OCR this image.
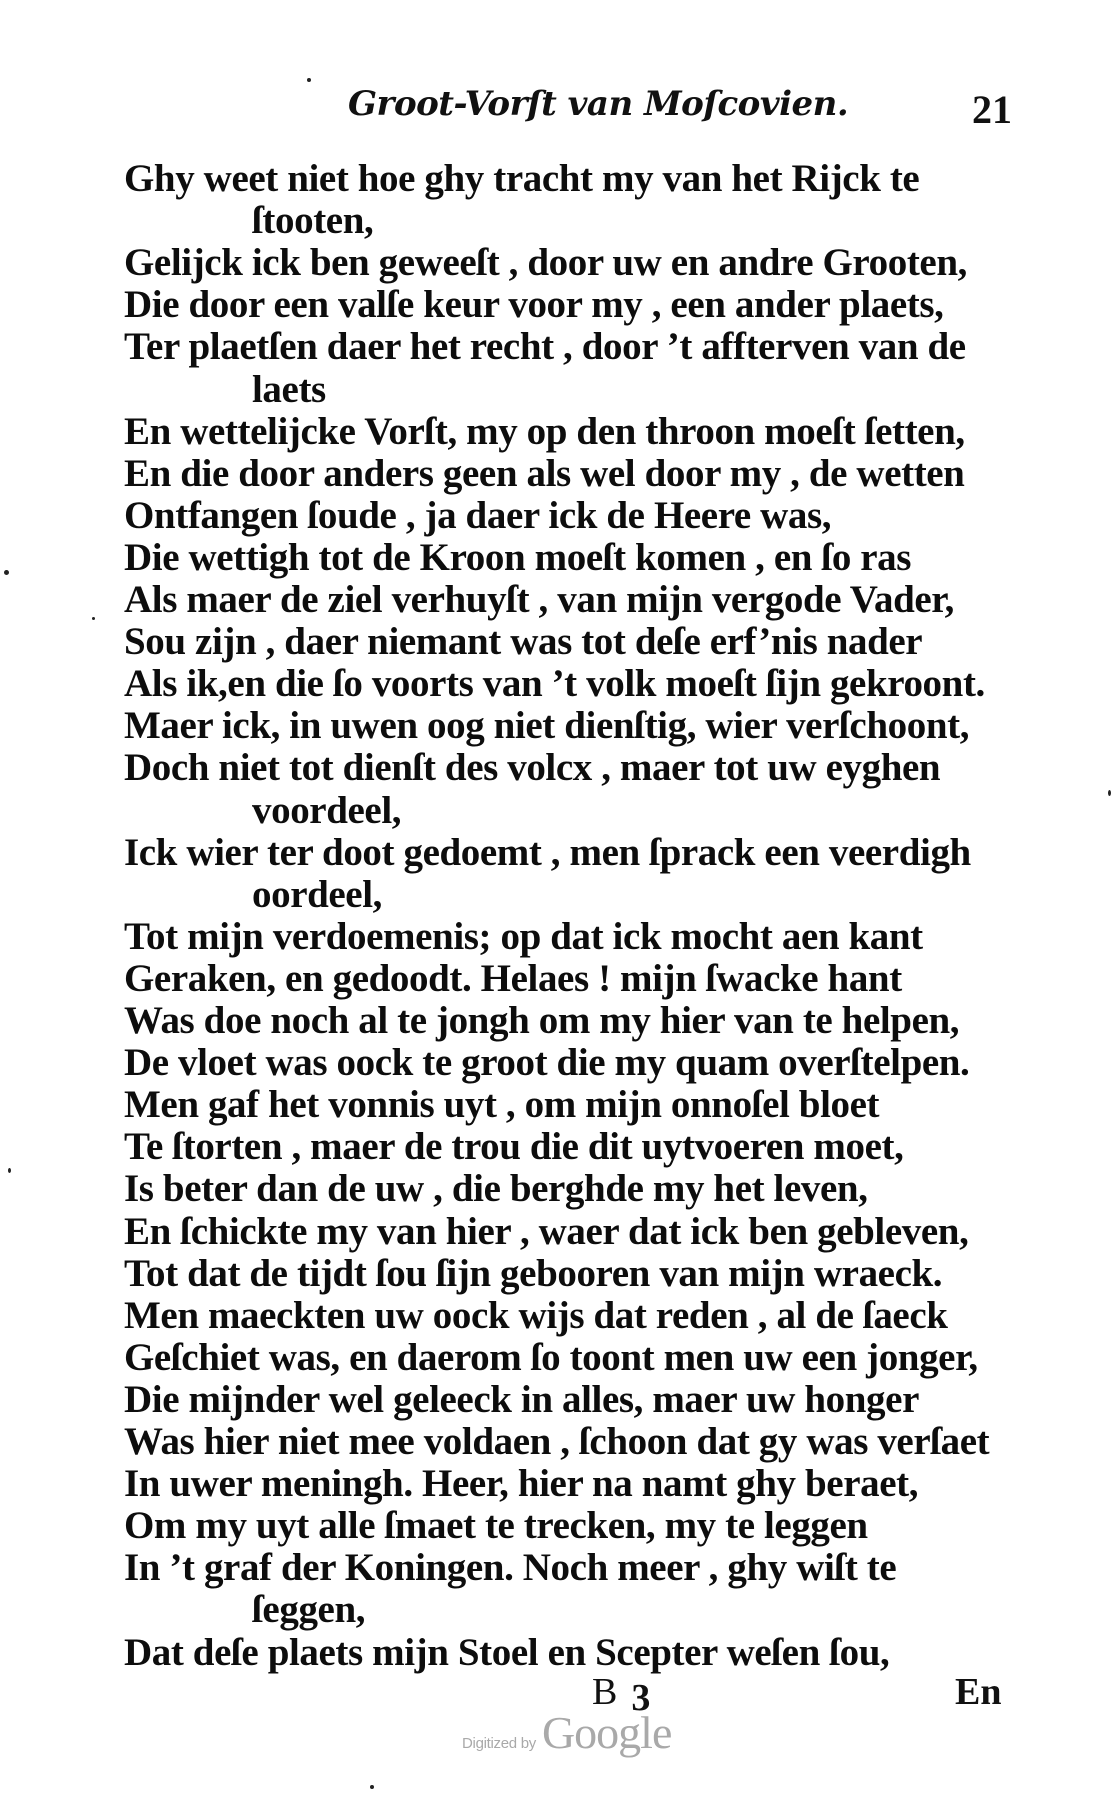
Groot-Vorſt van Moſcovien.	21
Ghy weet niet hoe ghy tracht my van het Rijck te
ſtooten,
Gelijck ick ben geweeſt , door uw en andre Grooten,
Die door een valſe keur voor my , een ander plaets,
Ter plaetſen daer het recht , door ’t affterven van de
laets
En wettelijcke Vorſt, my op den throon moeſt ſetten,
En die door anders geen als wel door my , de wetten
Ontfangen ſoude , ja daer ick de Heere was,
Die wettigh tot de Kroon moeſt komen , en ſo ras
Als maer de ziel verhuyſt , van mijn vergode Vader,
Sou zijn , daer niemant was tot deſe erf’nis nader
Als ik,en die ſo voorts van ’t volk moeſt ſijn gekroont.
Maer ick, in uwen oog niet dienſtig, wier verſchoont,
Doch niet tot dienſt des volcx , maer tot uw eyghen
voordeel,
Ick wier ter doot gedoemt , men ſprack een veerdigh
oordeel,
Tot mijn verdoemenis; op dat ick mocht aen kant
Geraken, en gedoodt. Helaes ! mijn ſwacke hant
Was doe noch al te jongh om my hier van te helpen,
De vloet was oock te groot die my quam overſtelpen.
Men gaf het vonnis uyt , om mijn onnoſel bloet
Te ſtorten , maer de trou die dit uytvoeren moet,
Is beter dan de uw , die berghde my het leven,
En ſchickte my van hier , waer dat ick ben gebleven,
Tot dat de tijdt ſou ſijn gebooren van mijn wraeck.
Men maeckten uw oock wijs dat reden , al de ſaeck
Geſchiet was, en daerom ſo toont men uw een jonger,
Die mijnder wel geleeck in alles, maer uw honger
Was hier niet mee voldaen , ſchoon dat gy was verſaet
In uwer meningh. Heer, hier na namt ghy beraet,
Om my uyt alle ſmaet te trecken, my te leggen
In ’t graf der Koningen. Noch meer , ghy wiſt te
ſeggen,
Dat deſe plaets mijn Stoel en Scepter weſen ſou,
B 3	En
Digitized by Google
